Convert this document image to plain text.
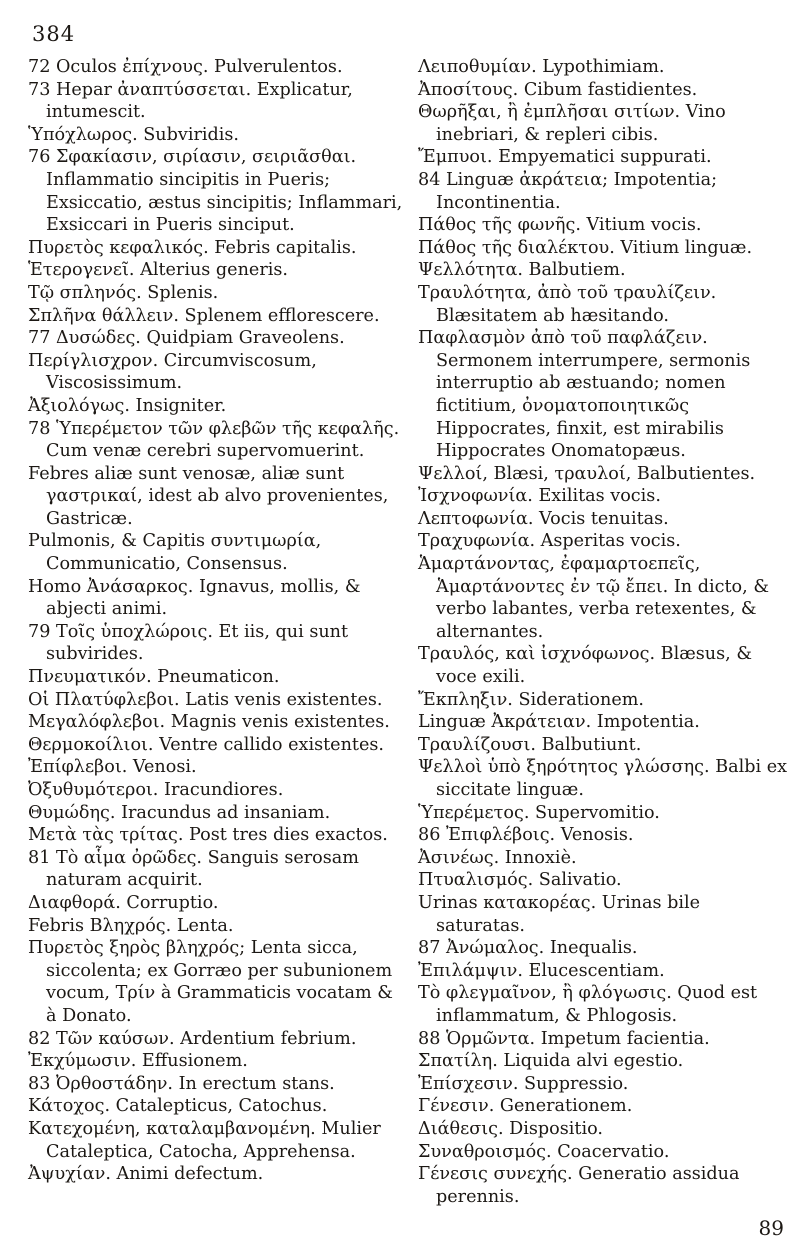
384

72 Oculos ἐπίχνους. Pulverulentos.

73 Hepar ἀναπτύσσεται. Explicatur, intumescit.

Ὑπόχλωρος. Subviridis.

76 Σφακίασιν, σιρίασιν, σειριᾶσθαι. Inflammatio sincipitis in Pueris; Exsiccatio, æstus sincipitis; Inflammari, Exsiccari in Pueris sinciput.

Πυρετὸς κεφαλικός. Febris capitalis.

Ἑτερογενεῖ. Alterius generis.

Τῷ σπληνός. Splenis.

Σπλῆνα θάλλειν. Splenem efflorescere.

77 Δυσώδες. Quidpiam Graveolens.

Περίγλισχρον. Circumviscosum, Viscosissimum.

Ἀξιολόγως. Insigniter.

78 Ὑπερέμετον τῶν φλεβῶν τῆς κεφαλῆς. Cum venæ cerebri supervomuerint.

Febres aliæ sunt venosæ, aliæ sunt γαστρικαί, idest ab alvo provenientes, Gastricæ.

Pulmonis, & Capitis συντιμωρία, Communicatio, Consensus.

Homo Ἀνάσαρκος. Ignavus, mollis, & abjecti animi.

79 Τοῖς ὑποχλώροις. Et iis, qui sunt subvirides.

Πνευματικόν. Pneumaticon.

Οἱ Πλατύφλεβοι. Latis venis existentes.

Μεγαλόφλεβοι. Magnis venis existentes.

Θερμοκοίλιοι. Ventre callido existentes.

Ἐπίφλεβοι. Venosi.

Ὀξυθυμότεροι. Iracundiores.

Θυμώδης. Iracundus ad insaniam.

Μετὰ τὰς τρίτας. Post tres dies exactos.

81 Τὸ αἷμα ὀρῶδες. Sanguis serosam naturam acquirit.

Διαφθορά. Corruptio.

Febris Βληχρός. Lenta.

Πυρετὸς ξηρὸς βληχρός; Lenta sicca, siccolenta; ex Gorræo per subunionem vocum, Τρίν à Grammaticis vocatam & à Donato.

82 Τῶν καύσων. Ardentium febrium.

Ἐκχύμωσιν. Effusionem.

83 Ὀρθοστάδην. In erectum stans.

Κάτοχος. Catalepticus, Catochus.

Κατεχομένη, καταλαμβανομένη. Mulier Cataleptica, Catocha, Apprehensa.

Ἀψυχίαν. Animi defectum.

Λειποθυμίαν. Lypothimiam.

Ἀποσίτους. Cibum fastidientes.

Θωρῆξαι, ἢ ἐμπλῆσαι σιτίων. Vino inebriari, & repleri cibis.

Ἔμπυοι. Empyematici suppurati.

84 Linguæ ἀκράτεια; Impotentia; Incontinentia.

Πάθος τῆς φωνῆς. Vitium vocis.

Πάθος τῆς διαλέκτου. Vitium linguæ.

Ψελλότητα. Balbutiem.

Τραυλότητα, ἀπὸ τοῦ τραυλίζειν. Blæsitatem ab hæsitando.

Παφλασμὸν ἀπὸ τοῦ παφλάζειν. Sermonem interrumpere, sermonis interruptio ab æstuando; nomen fictitium, ὀνοματοποιητικῶς Hippocrates, finxit, est mirabilis Hippocrates Onomatopæus.

Ψελλοί, Blæsi, τραυλοί, Balbutientes.

Ἰσχνοφωνία. Exilitas vocis.

Λεπτοφωνία. Vocis tenuitas.

Τραχυφωνία. Asperitas vocis.

Ἁμαρτάνοντας, ἐφαμαρτοεπεῖς, Ἁμαρτάνοντες ἐν τῷ ἔπει. In dicto, & verbo labantes, verba retexentes, & alternantes.

Τραυλός, καὶ ἰσχνόφωνος. Blæsus, & voce exili.

Ἔκπληξιν. Siderationem.

Linguæ Ἀκράτειαν. Impotentia.

Τραυλίζουσι. Balbutiunt.

Ψελλοὶ ὑπὸ ξηρότητος γλώσσης. Balbi ex siccitate linguæ.

Ὑπερέμετος. Supervomitio.

86 Ἐπιφλέβοις. Venosis.

Ἀσινέως. Innoxiè.

Πτυαλισμός. Salivatio.

Urinas κατακορέας. Urinas bile saturatas.

87 Ἀνώμαλος. Inequalis.

Ἐπιλάμψιν. Elucescentiam.

Τὸ φλεγμαῖνον, ἢ φλόγωσις. Quod est inflammatum, & Phlogosis.

88 Ὁρμῶντα. Impetum facientia.

Σπατίλη. Liquida alvi egestio.

Ἐπίσχεσιν. Suppressio.

Γένεσιν. Generationem.

Διάθεσις. Dispositio.

Συναθροισμός. Coacervatio.

Γένεσις συνεχής. Generatio assidua perennis.

89
